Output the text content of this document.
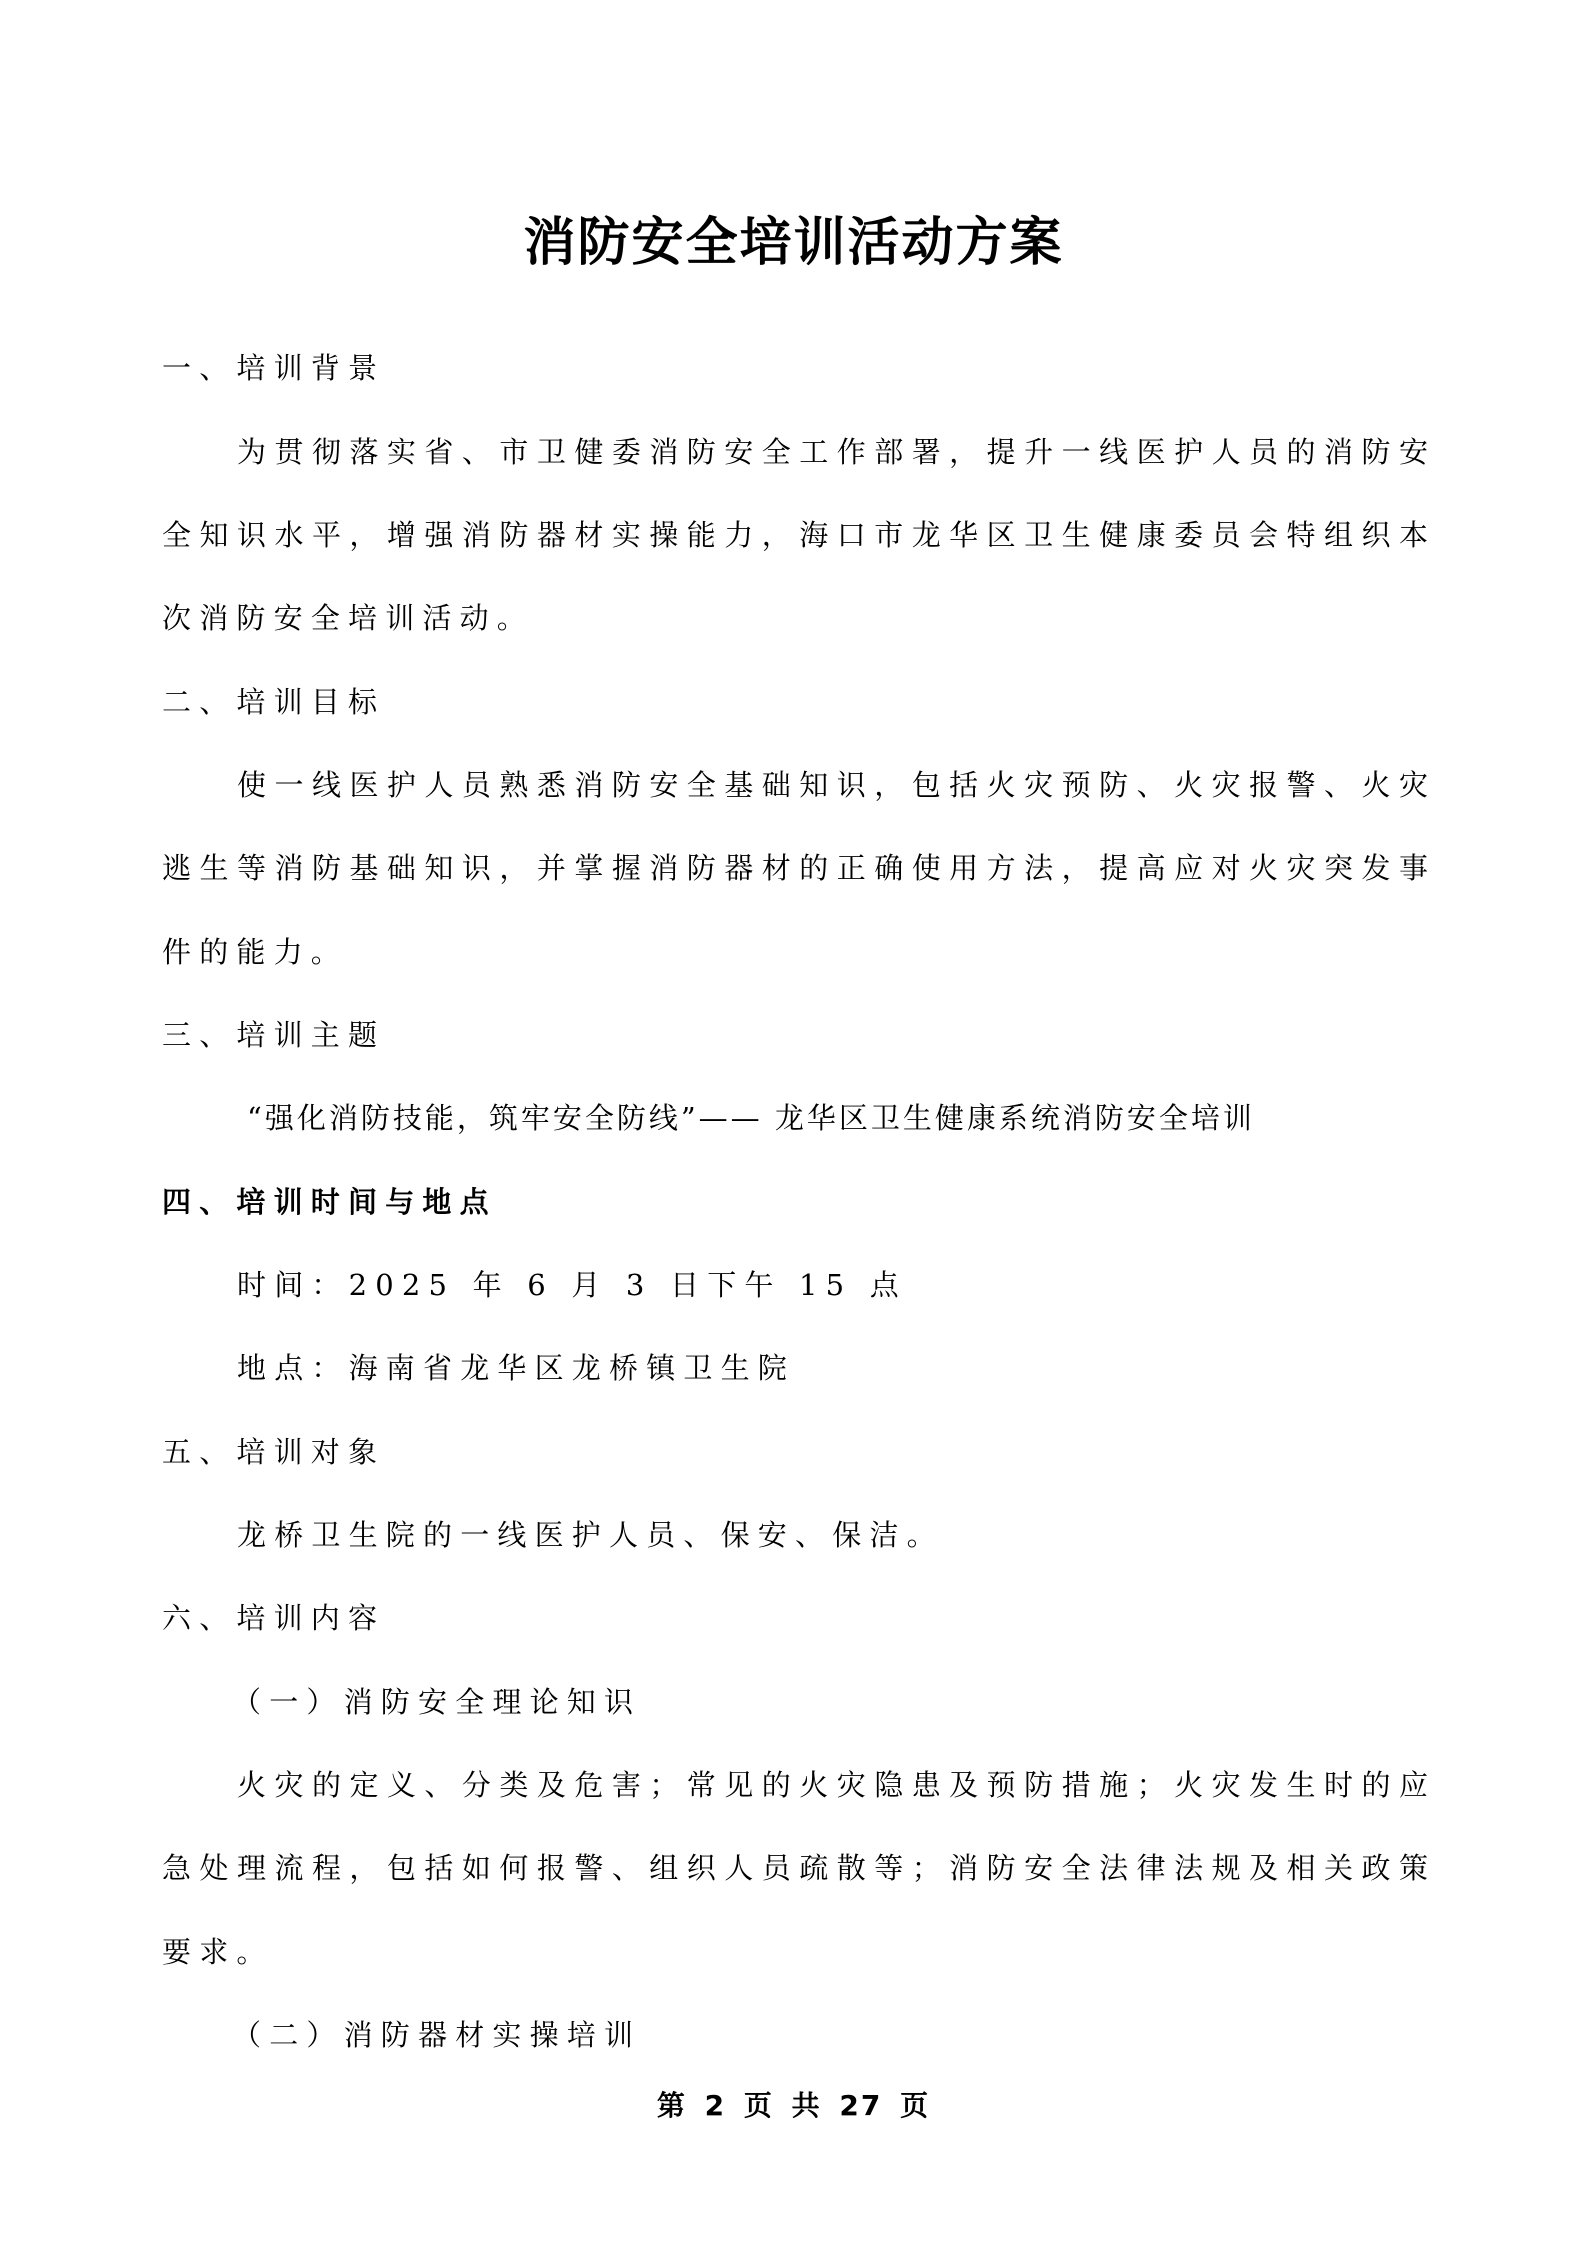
消防安全培训活动方案
一、培训背景
为贯彻落实省、市卫健委消防安全工作部署，提升一线医护人员的消防安
全知识水平，增强消防器材实操能力，海口市龙华区卫生健康委员会特组织本
次消防安全培训活动。
二、培训目标
使一线医护人员熟悉消防安全基础知识，包括火灾预防、火灾报警、火灾
逃生等消防基础知识，并掌握消防器材的正确使用方法，提高应对火灾突发事
件的能力。
三、培训主题
“强化消防技能，筑牢安全防线”—— 龙华区卫生健康系统消防安全培训
四、培训时间与地点
时间：2025 年 6 月 3 日下午 15 点
地点：海南省龙华区龙桥镇卫生院
五、培训对象
龙桥卫生院的一线医护人员、保安、保洁。
六、培训内容
（一）消防安全理论知识
火灾的定义、分类及危害；常见的火灾隐患及预防措施；火灾发生时的应
急处理流程，包括如何报警、组织人员疏散等；消防安全法律法规及相关政策
要求。
（二）消防器材实操培训
第 2 页 共 27 页
